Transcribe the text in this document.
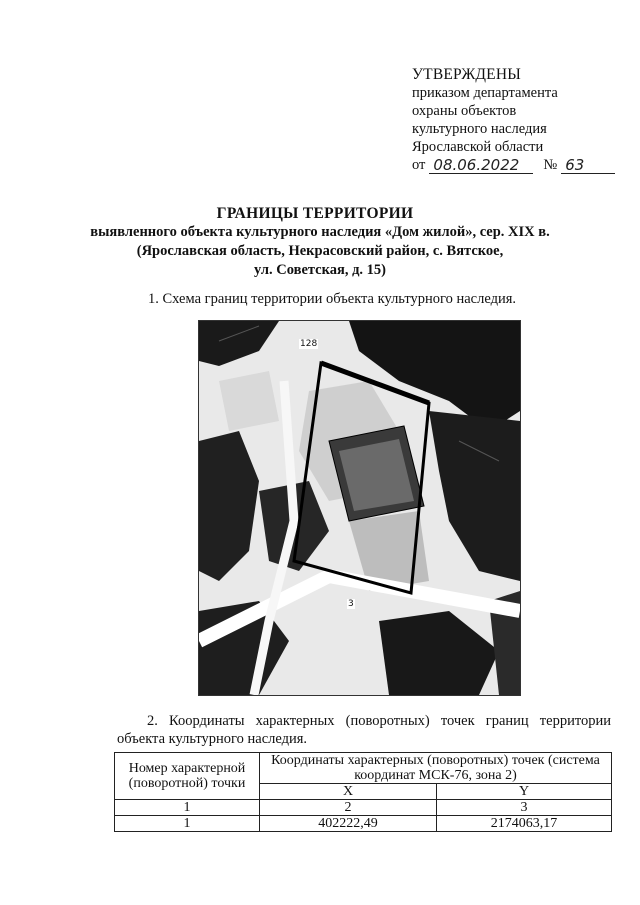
УТВЕРЖДЕНЫ
приказом департамента
охраны объектов
культурного наследия
Ярославской области
от 08.06.2022	№ 63
ГРАНИЦЫ ТЕРРИТОРИИ
выявленного объекта культурного наследия «Дом жилой», сер. XIX в.
(Ярославская область, Некрасовский район, с. Вятское,
ул. Советская, д. 15)
1. Схема границ территории объекта культурного наследия.
128
3
2. Координаты характерных (поворотных) точек границ территории объекта культурного наследия.
Номер характерной (поворотной) точки	Координаты характерных (поворотных) точек (система координат МСК-76, зона 2)	
	X	Y
1	2	3
1	402222,49	2174063,17
